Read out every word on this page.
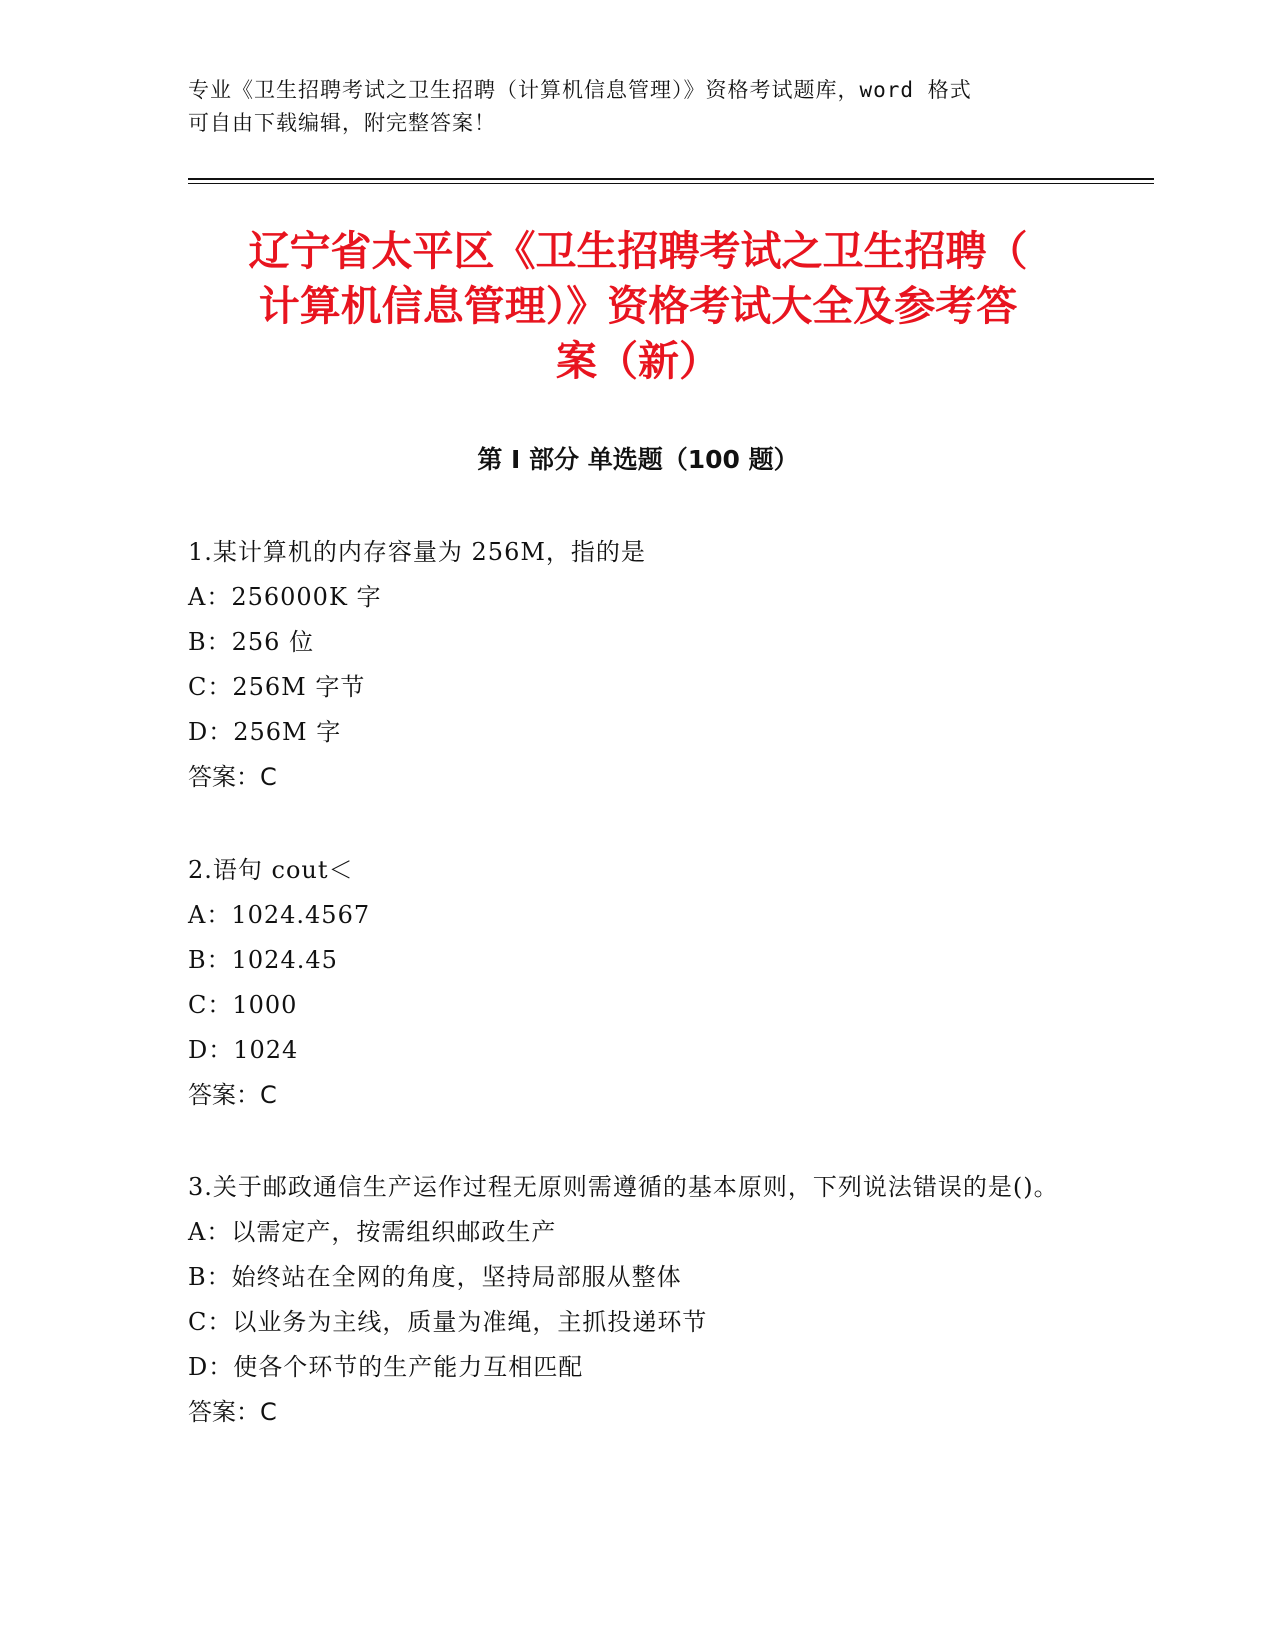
专业《卫生招聘考试之卫生招聘（计算机信息管理）》资格考试题库，word 格式
可自由下载编辑，附完整答案！
辽宁省太平区《卫生招聘考试之卫生招聘（
计算机信息管理）》资格考试大全及参考答
案（新）
第 I 部分 单选题（100 题）
1.某计算机的内存容量为 256M，指的是
A：256000K 字
B：256 位
C：256M 字节
D：256M 字
答案：C
2.语句 cout＜
A：1024.4567
B：1024.45
C：1000
D：1024
答案：C
3.关于邮政通信生产运作过程无原则需遵循的基本原则，下列说法错误的是()。
A：以需定产，按需组织邮政生产
B：始终站在全网的角度，坚持局部服从整体
C：以业务为主线，质量为准绳，主抓投递环节
D：使各个环节的生产能力互相匹配
答案：C
